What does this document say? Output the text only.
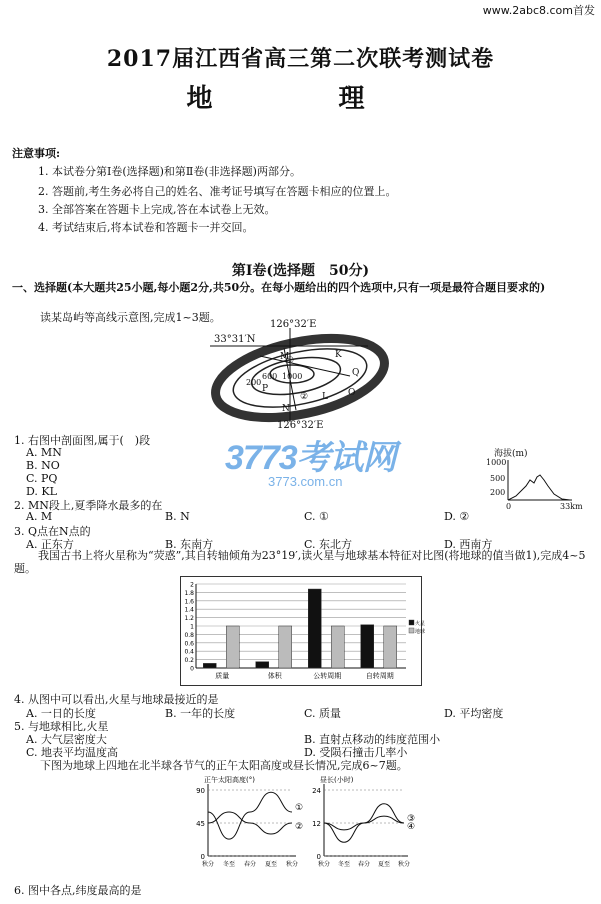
www.2abc8.com首发
2017届江西省高三第二次联考测试卷
地　理
注意事项:
1. 本试卷分第Ⅰ卷(选择题)和第Ⅱ卷(非选择题)两部分。
2. 答题前,考生务必将自己的姓名、准考证号填写在答题卡相应的位置上。
3. 全部答案在答题卡上完成,答在本试卷上无效。
4. 考试结束后,将本试卷和答题卡一并交回。
第Ⅰ卷(选择题　50分)
一、选择题(本大题共25小题,每小题2分,共50分。在每小题给出的四个选项中,只有一项是最符合题目要求的)
读某岛屿等高线示意图,完成1~3题。
126°32′E
126°32′E
33°31′N
M
N
P
Q
K
L O
①
②
200
600 1000
3773考试网
3773.com.cn
海拔(m)
1000
500
200
0	33km
1. 右图中剖面图,属于(　)段
A. MN
B. NO
C. PQ
D. KL
2. MN段上,夏季降水最多的在
A. M	B. N	C. ①	D. ②
3. Q点在N点的
A. 正东方	B. 东南方	C. 东北方	D. 西南方
我国古书上将火星称为“荧惑”,其自转轴倾角为23°19′,读火星与地球基本特征对比图(将地球的值当做1),完成4~5题。
0
0.2
0.4
0.6
0.8
1
1.2
1.4
1.6
1.8
2
质量	体积	公转周期	自转周期
火星
地球
4. 从图中可以看出,火星与地球最接近的是
A. 一日的长度	B. 一年的长度	C. 质量	D. 平均密度
5. 与地球相比,火星
A. 大气层密度大	B. 直射点移动的纬度范围小
C. 地表平均温度高	D. 受陨石撞击几率小
下图为地球上四地在北半球各节气的正午太阳高度或昼长情况,完成6~7题。
正午太阳高度(°)
90
45
0
秋分 冬至 春分 夏至 秋分
①
②
昼长(小时)
24
12
0
秋分 冬至 春分 夏至 秋分
③
④
6. 图中各点,纬度最高的是
